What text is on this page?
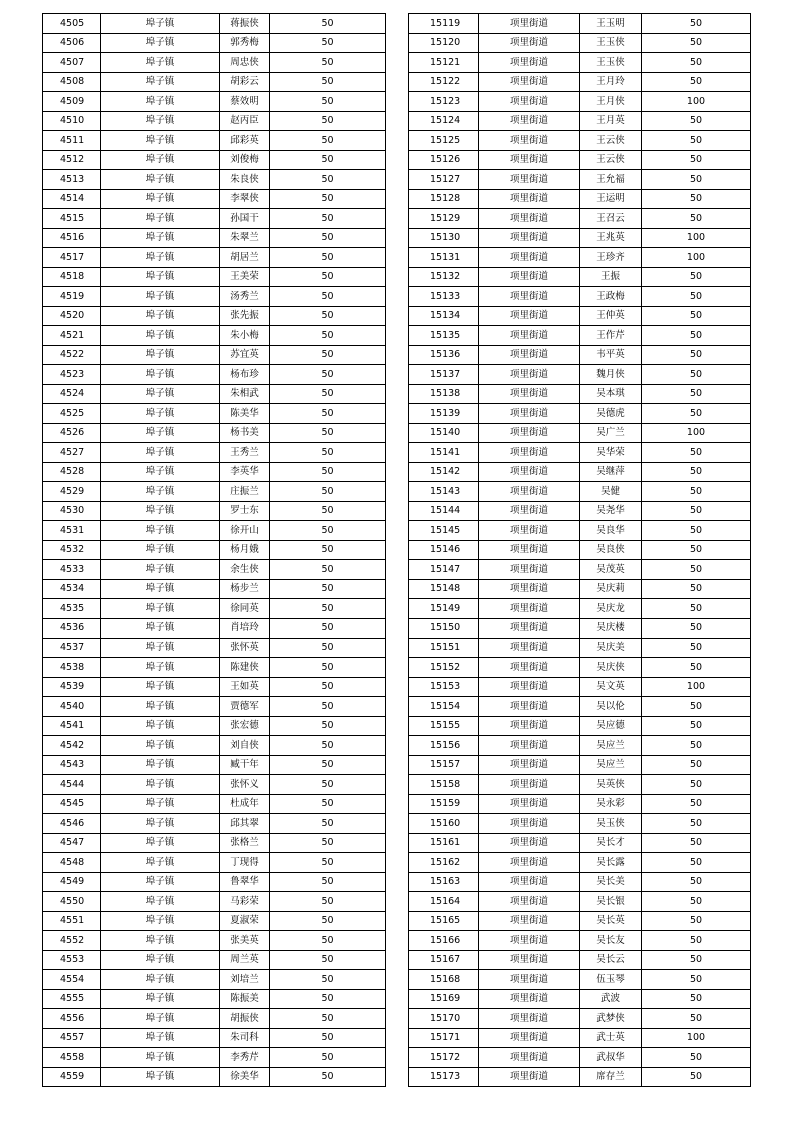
4505	埠子镇	蒋振侠	50
4506	埠子镇	郭秀梅	50
4507	埠子镇	周忠侠	50
4508	埠子镇	胡彩云	50
4509	埠子镇	蔡效明	50
4510	埠子镇	赵丙臣	50
4511	埠子镇	邱彩英	50
4512	埠子镇	刘俊梅	50
4513	埠子镇	朱良侠	50
4514	埠子镇	李翠侠	50
4515	埠子镇	孙国干	50
4516	埠子镇	朱翠兰	50
4517	埠子镇	胡居兰	50
4518	埠子镇	王美荣	50
4519	埠子镇	汤秀兰	50
4520	埠子镇	张先振	50
4521	埠子镇	朱小梅	50
4522	埠子镇	苏宜英	50
4523	埠子镇	杨布珍	50
4524	埠子镇	朱相武	50
4525	埠子镇	陈美华	50
4526	埠子镇	杨书美	50
4527	埠子镇	王秀兰	50
4528	埠子镇	李英华	50
4529	埠子镇	庄振兰	50
4530	埠子镇	罗士东	50
4531	埠子镇	徐开山	50
4532	埠子镇	杨月娥	50
4533	埠子镇	余生侠	50
4534	埠子镇	杨步兰	50
4535	埠子镇	徐同英	50
4536	埠子镇	肖培玲	50
4537	埠子镇	张怀英	50
4538	埠子镇	陈建侠	50
4539	埠子镇	王如英	50
4540	埠子镇	贾德军	50
4541	埠子镇	张宏德	50
4542	埠子镇	刘自侠	50
4543	埠子镇	臧干年	50
4544	埠子镇	张怀义	50
4545	埠子镇	杜成年	50
4546	埠子镇	邱其翠	50
4547	埠子镇	张格兰	50
4548	埠子镇	丁现得	50
4549	埠子镇	鲁翠华	50
4550	埠子镇	马彩荣	50
4551	埠子镇	夏淑荣	50
4552	埠子镇	张美英	50
4553	埠子镇	周兰英	50
4554	埠子镇	刘培兰	50
4555	埠子镇	陈振美	50
4556	埠子镇	胡振侠	50
4557	埠子镇	朱司科	50
4558	埠子镇	李秀芹	50
4559	埠子镇	徐美华	50
15119	项里街道	王玉明	50
15120	项里街道	王玉侠	50
15121	项里街道	王玉侠	50
15122	项里街道	王月玲	50
15123	项里街道	王月侠	100
15124	项里街道	王月英	50
15125	项里街道	王云侠	50
15126	项里街道	王云侠	50
15127	项里街道	王允福	50
15128	项里街道	王运明	50
15129	项里街道	王召云	50
15130	项里街道	王兆英	100
15131	项里街道	王珍齐	100
15132	项里街道	王振	50
15133	项里街道	王政梅	50
15134	项里街道	王仲英	50
15135	项里街道	王作芹	50
15136	项里街道	韦平英	50
15137	项里街道	魏月侠	50
15138	项里街道	吴本琪	50
15139	项里街道	吴德虎	50
15140	项里街道	吴广兰	100
15141	项里街道	吴华荣	50
15142	项里街道	吴继萍	50
15143	项里街道	吴健	50
15144	项里街道	吴尧华	50
15145	项里街道	吴良华	50
15146	项里街道	吴良侠	50
15147	项里街道	吴茂英	50
15148	项里街道	吴庆莉	50
15149	项里街道	吴庆龙	50
15150	项里街道	吴庆楼	50
15151	项里街道	吴庆美	50
15152	项里街道	吴庆侠	50
15153	项里街道	吴文英	100
15154	项里街道	吴以伦	50
15155	项里街道	吴应德	50
15156	项里街道	吴应兰	50
15157	项里街道	吴应兰	50
15158	项里街道	吴英侠	50
15159	项里街道	吴永彩	50
15160	项里街道	吴玉侠	50
15161	项里街道	吴长才	50
15162	项里街道	吴长露	50
15163	项里街道	吴长美	50
15164	项里街道	吴长银	50
15165	项里街道	吴长英	50
15166	项里街道	吴长友	50
15167	项里街道	吴长云	50
15168	项里街道	伍玉琴	50
15169	项里街道	武波	50
15170	项里街道	武梦侠	50
15171	项里街道	武士英	100
15172	项里街道	武叔华	50
15173	项里街道	席存兰	50
